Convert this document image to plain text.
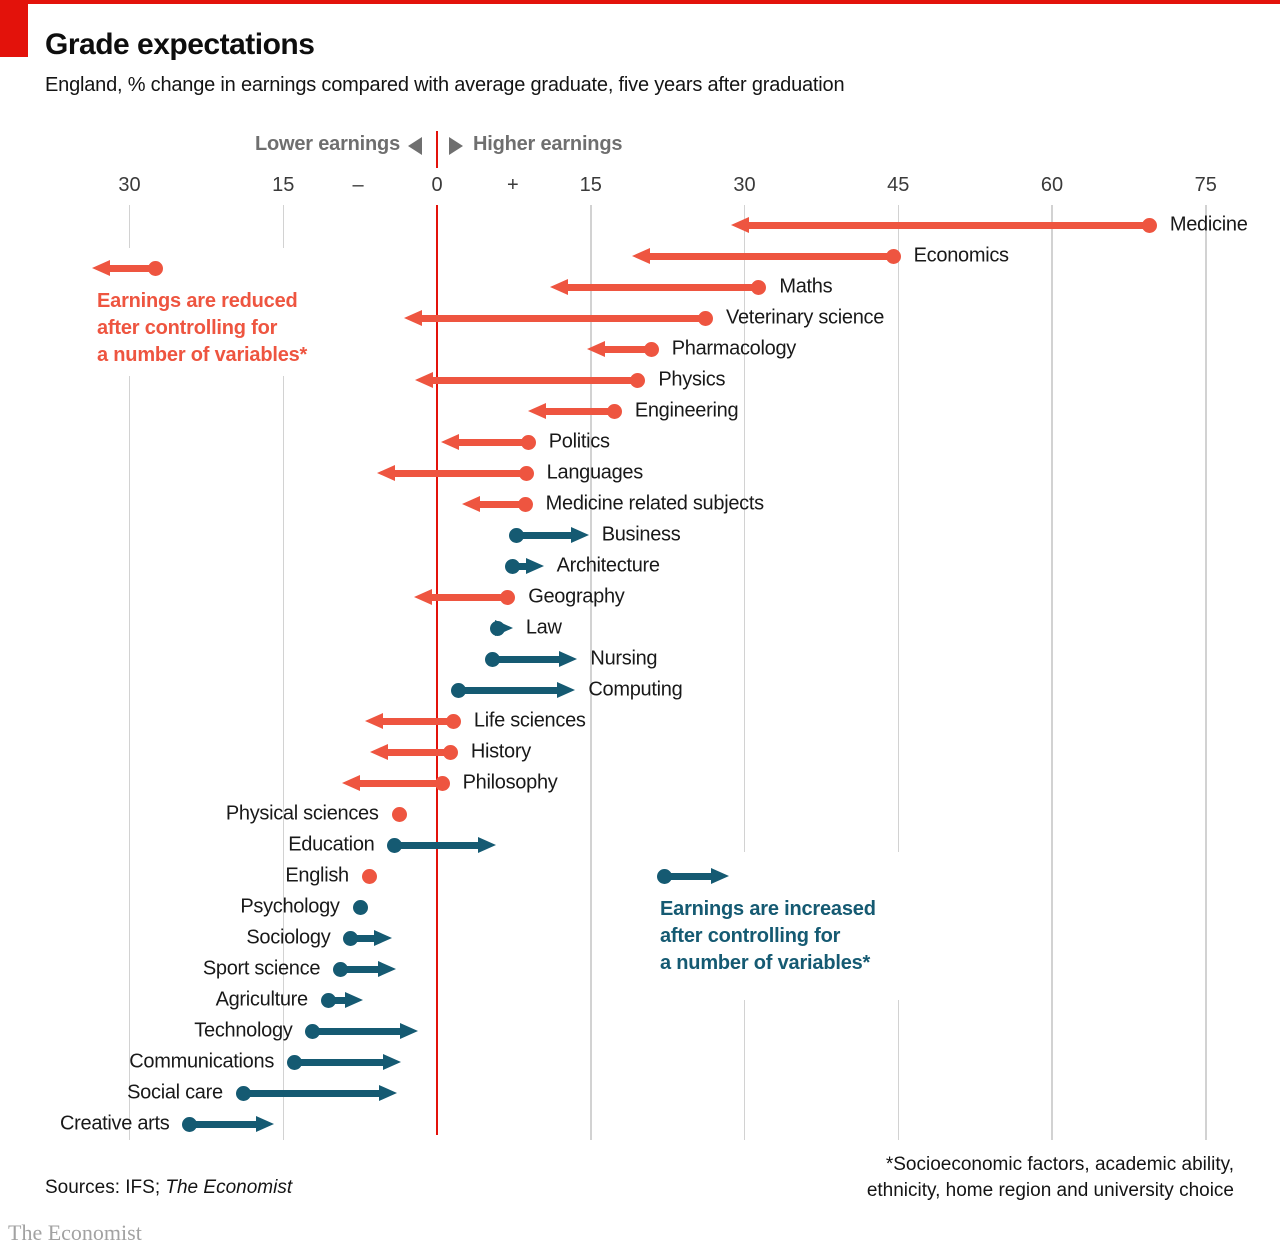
Grade expectations

England, % change in earnings compared with average graduate, five years after graduation

Lower earnings	Higher earnings
30	15	–	0	+	15	30	45	60	75
Medicine
Economics
Maths
Veterinary science
Pharmacology
Physics
Engineering
Politics
Languages
Medicine related subjects
Business
Architecture
Geography
Law
Nursing
Computing
Life sciences
History
Philosophy
Physical sciences
Education
English
Psychology
Sociology
Sport science
Agriculture
Technology
Communications
Social care
Creative arts
Earnings are reduced
after controlling for
a number of variables*
Earnings are increased
after controlling for
a number of variables*
Sources: IFS; The Economist
*Socioeconomic factors, academic ability,
ethnicity, home region and university choice
The Economist
